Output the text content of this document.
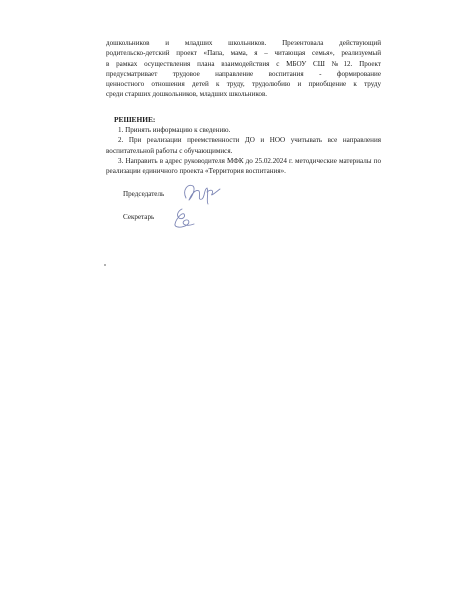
дошкольников и младших школьников. Презентовала действующий

родительско-детский проект «Папа, мама, я – читающая семья», реализуемый

в рамках осуществления плана взаимодействия с МБОУ СШ №12. Проект

предусматривает трудовое направление воспитания - формирование

ценностного отношения детей к труду, трудолюбию и приобщение к труду

среди старших дошкольников, младших школьников.

РЕШЕНИЕ:

1. Принять информацию к сведению.

2. При реализации преемственности ДО и НОО учитывать все направления воспитательной работы с обучающимися.

3. Направить в адрес руководителя МФК до 25.02.2024 г. методические материалы по реализации единичного проекта «Территория воспитания».

Председатель
Секретарь
